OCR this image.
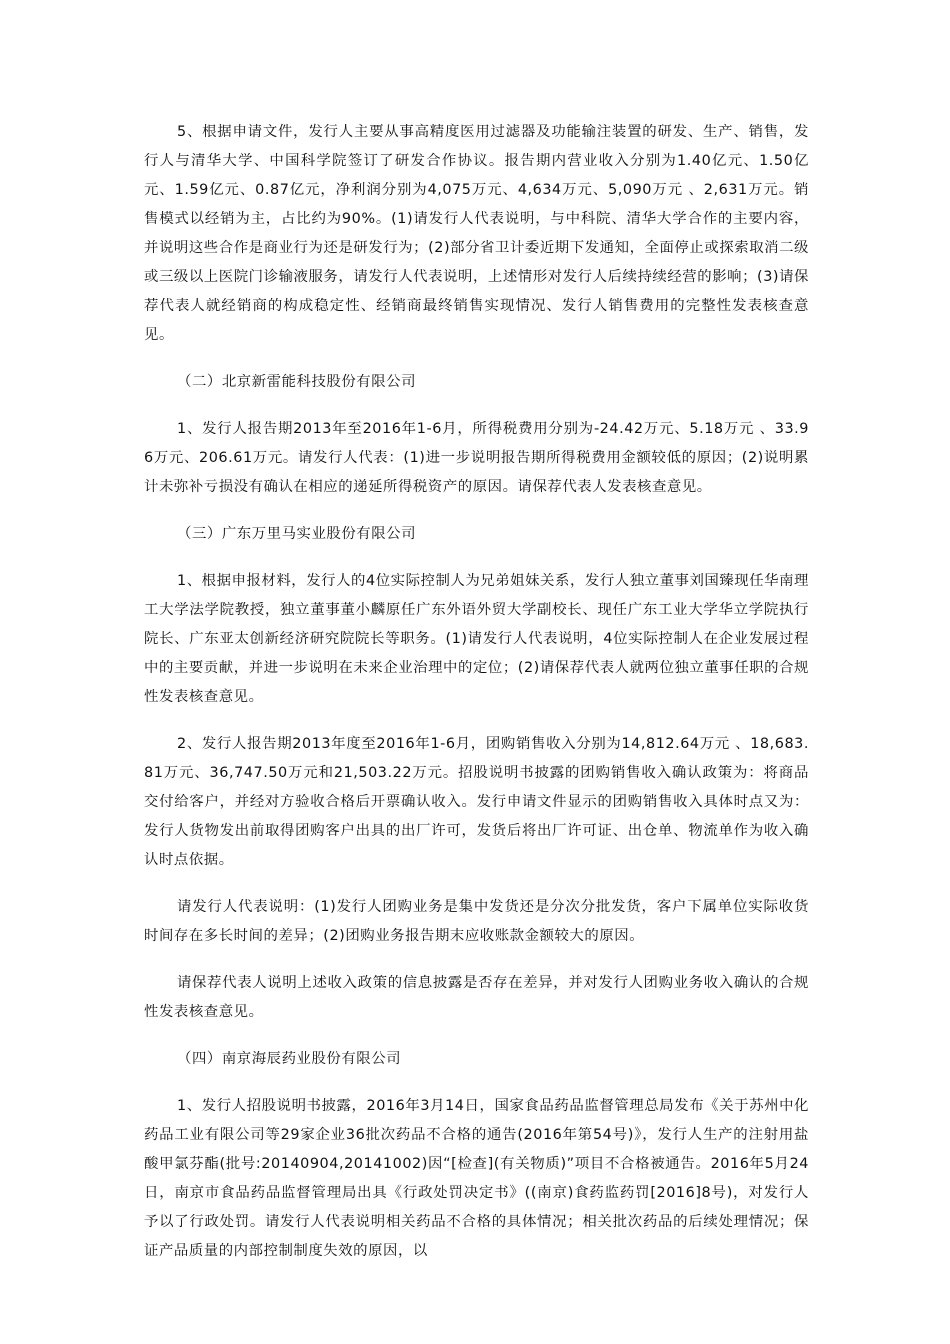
5、根据申请文件，发行人主要从事高精度医用过滤器及功能输注装置的研发、生产、销售，发行人与清华大学、中国科学院签订了研发合作协议。报告期内营业收入分别为1.40亿元、1.50亿元、1.59亿元、0.87亿元，净利润分别为4,075万元、4,634万元、5,090万元 、2,631万元。销售模式以经销为主，占比约为90%。(1)请发行人代表说明，与中科院、清华大学合作的主要内容，并说明这些合作是商业行为还是研发行为；(2)部分省卫计委近期下发通知，全面停止或探索取消二级或三级以上医院门诊输液服务，请发行人代表说明，上述情形对发行人后续持续经营的影响；(3)请保荐代表人就经销商的构成稳定性、经销商最终销售实现情况、发行人销售费用的完整性发表核查意见。

（二）北京新雷能科技股份有限公司

1、发行人报告期2013年至2016年1-6月，所得税费用分别为-24.42万元、5.18万元 、33.96万元、206.61万元。请发行人代表：(1)进一步说明报告期所得税费用金额较低的原因；(2)说明累计未弥补亏损没有确认在相应的递延所得税资产的原因。请保荐代表人发表核查意见。

（三）广东万里马实业股份有限公司

1、根据申报材料，发行人的4位实际控制人为兄弟姐妹关系，发行人独立董事刘国臻现任华南理工大学法学院教授，独立董事董小麟原任广东外语外贸大学副校长、现任广东工业大学华立学院执行院长、广东亚太创新经济研究院院长等职务。(1)请发行人代表说明，4位实际控制人在企业发展过程中的主要贡献，并进一步说明在未来企业治理中的定位；(2)请保荐代表人就两位独立董事任职的合规性发表核查意见。

2、发行人报告期2013年度至2016年1-6月，团购销售收入分别为14,812.64万元 、18,683.81万元、36,747.50万元和21,503.22万元。招股说明书披露的团购销售收入确认政策为：将商品交付给客户，并经对方验收合格后开票确认收入。发行申请文件显示的团购销售收入具体时点又为：发行人货物发出前取得团购客户出具的出厂许可，发货后将出厂许可证、出仓单、物流单作为收入确认时点依据。

请发行人代表说明：(1)发行人团购业务是集中发货还是分次分批发货，客户下属单位实际收货时间存在多长时间的差异；(2)团购业务报告期末应收账款金额较大的原因。

请保荐代表人说明上述收入政策的信息披露是否存在差异，并对发行人团购业务收入确认的合规性发表核查意见。

（四）南京海辰药业股份有限公司

1、发行人招股说明书披露，2016年3月14日，国家食品药品监督管理总局发布《关于苏州中化药品工业有限公司等29家企业36批次药品不合格的通告(2016年第54号)》，发行人生产的注射用盐酸甲氯芬酯(批号:20140904,20141002)因“[检查](有关物质)”项目不合格被通告。2016年5月24日，南京市食品药品监督管理局出具《行政处罚决定书》((南京)食药监药罚[2016]8号)，对发行人予以了行政处罚。请发行人代表说明相关药品不合格的具体情况；相关批次药品的后续处理情况；保证产品质量的内部控制制度失效的原因，以
